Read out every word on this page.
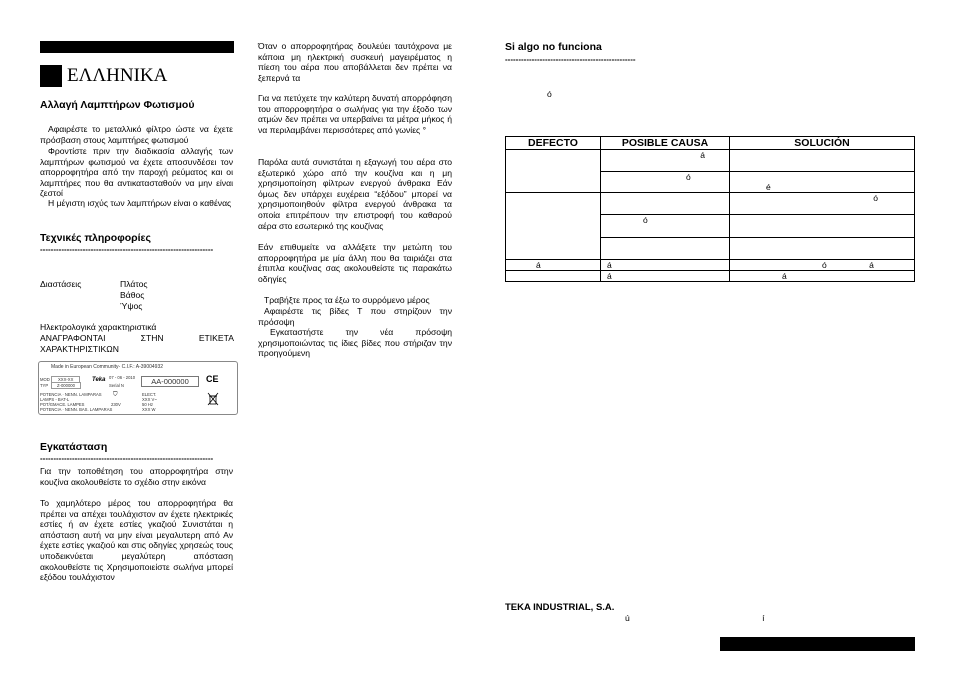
ΕΛΛΗΝΙΚΑ
Αλλαγή Λαμπτήρων Φωτισμού
Αφαιρέστε το μεταλλικό φίλτρο ώστε να έχετε πρόσβαση στους λαμπτήρες φωτισμού
Φροντίστε πριν την διαδικασία αλλαγής των λαμπτήρων φωτισμού να έχετε αποσυνδέσει τον απορροφητήρα από την παροχή ρεύματος και οι λαμπτήρες που θα αντικατασταθούν να μην είναι ζεστοί
Η μέγιστη ισχύς των λαμπτήρων είναι ο καθένας
Τεχνικές πληροφορίες
-----------------------------------------------------------------
Διαστάσεις	Πλάτος
Βάθος
Ύψος
Ηλεκτρολογικά χαρακτηριστικά
ΑΝΑΓΡΑΦΟΝΤΑΙ ΣΤΗΝ ΕΤΙΚΕΤΑ ΧΑΡΑΚΤΗΡΙΣΤΙΚΩΝ
Made in European Community- C.I.F.: A-39004932
MOD	XXX-XX
TYP	Z-000000
Teka 07 - 06 - 2010
Serial N	AA-000000	CE
POTENCIA · NENN. LAMPARAS
LAMPS - BAT-L
POT/GMACE. LAMPES
POTENCIA · NENN. BAS. LAMPARAS
230V
⛉	ELECT.
XXX V~
50 Hz
XXX W
Εγκατάσταση
-----------------------------------------------------------------
Για την τοποθέτηση του απορροφητήρα στην κουζίνα ακολουθείστε το σχέδιο στην εικόνα
Το χαμηλότερο μέρος του απορροφητήρα θα πρέπει να απέχει τουλάχιστον αν έχετε ηλεκτρικές εστίες ή αν έχετε εστίες γκαζιού Συνιστάται η απόσταση αυτή να μην είναι μεγαλυτερη από Αν έχετε εστίες γκαζιού και στις οδηγίες χρησεώς τους υποδεικνύεται μεγαλύτερη απόσταση ακολουθείστε τις Χρησιμοποιείστε σωλήνα μπορεί εξόδου τουλάχιστον
Όταν ο απορροφητήρας δουλεύει ταυτόχρονα με κάποια μη ηλεκτρική συσκευή μαγειρέματος η πίεση του αέρα που αποβάλλεται δεν πρέπει να ξεπερνά τα
Για να πετύχετε την καλύτερη δυνατή απορρόφηση του απορροφητήρα ο σωλήνας για την έξοδο των ατμών δεν πρέπει να υπερβαίνει τα μέτρα μήκος ή να περιλαμβάνει περισσότερες από γωνίες °
Παρόλα αυτά συνιστάται η εξαγωγή του αέρα στο εξωτερικό χώρο από την κουζίνα και η μη χρησιμοποίηση φίλτρων ενεργού άνθρακα Εάν όμως δεν υπάρχει ευχέρεια “εξόδου” μπορεί να χρησιμοποιηθούν φίλτρα ενεργού άνθρακα τα οποία επιτρέπουν την επιστροφή του καθαρού αέρα στο εσωτερικό της κουζίνας
Εάν επιθυμείτε να αλλάξετε την μετώπη του απορροφητήρα με μία άλλη που θα ταιριάζει στα έπιπλα κουζίνας σας ακολουθείστε τις παρακάτω οδηγίες
Τραβήξτε προς τα έξω το συρρόμενο μέρος
Αφαιρέστε τις βίδες Τ που στηρίζουν την πρόσοψη
Εγκαταστήστε την νέα πρόσοψη χρησιμοποιώντας τις ίδιες βίδες που στήριζαν την προηγούμενη
Si algo no funciona
-------------------------------------------------
ó
DEFECTO	POSIBLE CAUSA	SOLUCIÓN
	á	
	ó	é
		ó
	ó	

á	á	ó á
	á	á
TEKA INDUSTRIAL, S.A.
ú í
